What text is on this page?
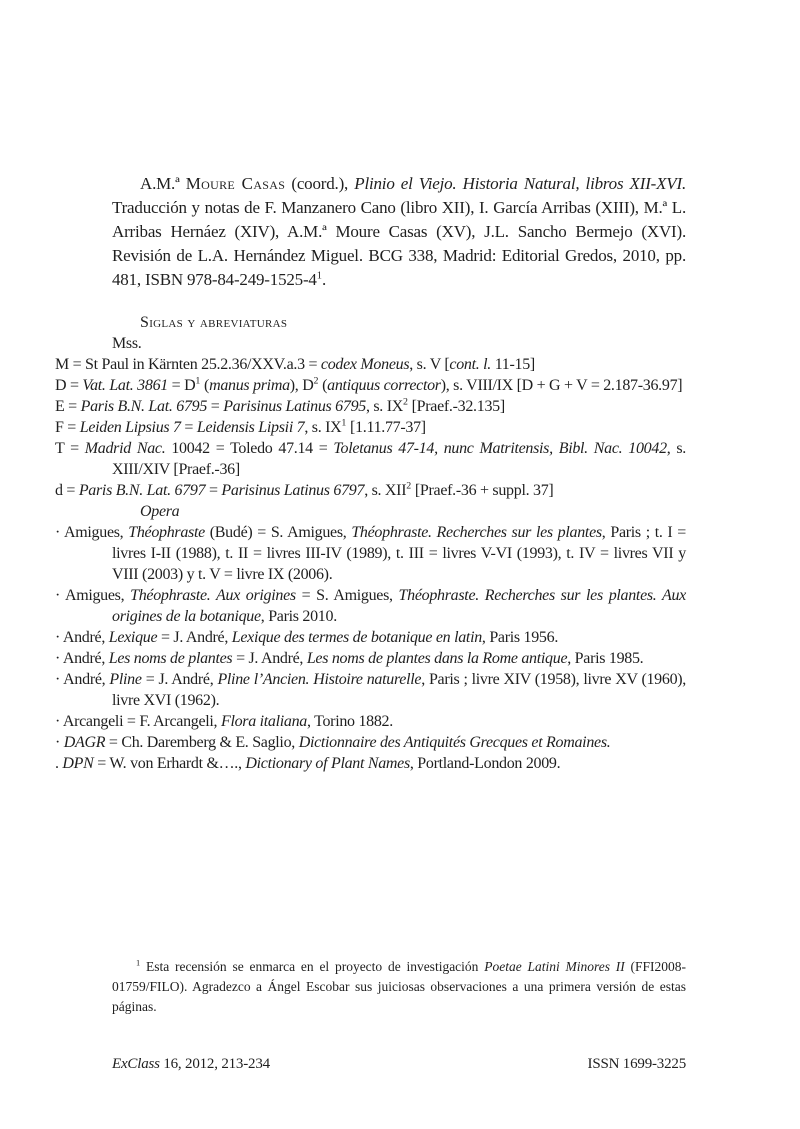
A.M.ª Moure Casas (coord.), Plinio el Viejo. Historia Natural, libros XII-XVI. Traducción y notas de F. Manzanero Cano (libro XII), I. García Arribas (XIII), M.ª L. Arribas Hernáez (XIV), A.M.ª Moure Casas (XV), J.L. Sancho Bermejo (XVI). Revisión de L.A. Hernández Miguel. BCG 338, Madrid: Editorial Gredos, 2010, pp. 481, ISBN $978-84-249-1525-4^1$.

Siglas y abreviaturas

Mss.

M = St Paul in Kärnten 25.2.36/XXV.a.3 = codex Moneus, s. V [cont. l. 11-15]

D = Vat. Lat. $3861 = D^1$ (manus prima), $D^2$ (antiquus corrector), s. VIII/IX [D + G + V = 2.187-36.97]

E = Paris B.N. Lat. 6795 = Parisinus Latinus 6795, s. $IX^2$ [Praef.-32.135]

F = Leiden Lipsius 7 = Leidensis Lipsii 7, s. $IX^1$ [1.11.77-37]

T = Madrid Nac. 10042 = Toledo 47.14 = Toletanus 47-14, nunc Matritensis, Bibl. Nac. 10042, s. XIII/XIV [Praef.-36]

d = Paris B.N. Lat. 6797 = Parisinus Latinus 6797, s. XII$^2$ [Praef.-36 + suppl. 37]

Opera

· Amigues, Théophraste (Budé) = S. Amigues, Théophraste. Recherches sur les plantes, Paris ; t. I = livres I-II (1988), t. II = livres III-IV (1989), t. III = livres V-VI (1993), t. IV = livres VII y VIII (2003) y t. V = livre IX (2006).

· Amigues, Théophraste. Aux origines = S. Amigues, Théophraste. Recherches sur les plantes. Aux origines de la botanique, Paris 2010.

· André, Lexique = J. André, Lexique des termes de botanique en latin, Paris 1956.

· André, Les noms de plantes = J. André, Les noms de plantes dans la Rome antique, Paris 1985.

· André, Pline = J. André, Pline l’Ancien. Histoire naturelle, Paris ; livre XIV (1958), livre XV (1960), livre XVI (1962).

· Arcangeli = F. Arcangeli, Flora italiana, Torino 1882.

· DAGR = Ch. Daremberg & E. Saglio, Dictionnaire des Antiquités Grecques et Romaines.

. DPN = W. von Erhardt &…., Dictionary of Plant Names, Portland-London 2009.

$^1$ Esta recensión se enmarca en el proyecto de investigación Poetae Latini Minores II (FFI2008-01759/FILO). Agradezco a Ángel Escobar sus juiciosas observaciones a una primera versión de estas páginas.

ExClass 16, 2012, 213-234	ISSN 1699-3225
